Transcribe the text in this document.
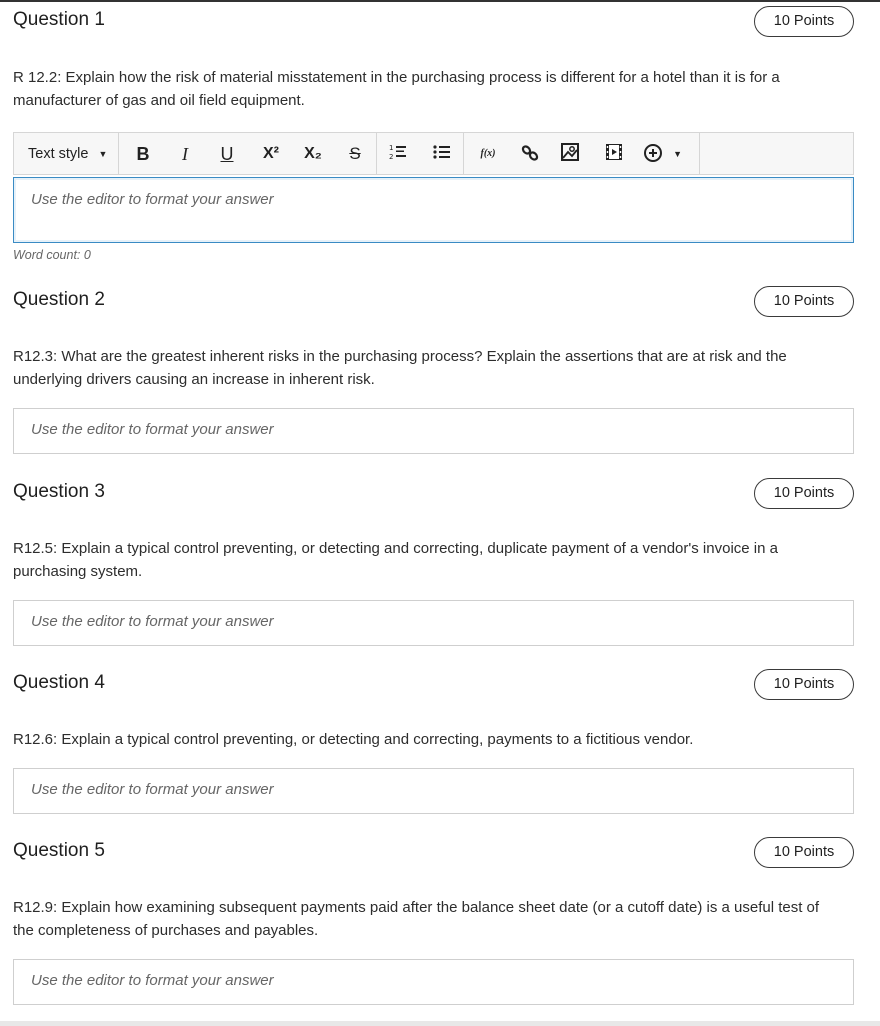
Question 1	10 Points
R 12.2: Explain how the risk of material misstatement in the purchasing process is different for a hotel than it is for a manufacturer of gas and oil field equipment.
Text style ▼ B	I	U	X²	X₂	S	1
2	f(x)	▼
Use the editor to format your answer
Word count: 0
Question 2	10 Points
R12.3: What are the greatest inherent risks in the purchasing process? Explain the assertions that are at risk and the underlying drivers causing an increase in inherent risk.
Use the editor to format your answer
Question 3	10 Points
R12.5: Explain a typical control preventing, or detecting and correcting, duplicate payment of a vendor's invoice in a purchasing system.
Use the editor to format your answer
Question 4	10 Points
R12.6: Explain a typical control preventing, or detecting and correcting, payments to a fictitious vendor.
Use the editor to format your answer
Question 5	10 Points
R12.9: Explain how examining subsequent payments paid after the balance sheet date (or a cutoff date) is a useful test of the completeness of purchases and payables.
Use the editor to format your answer
